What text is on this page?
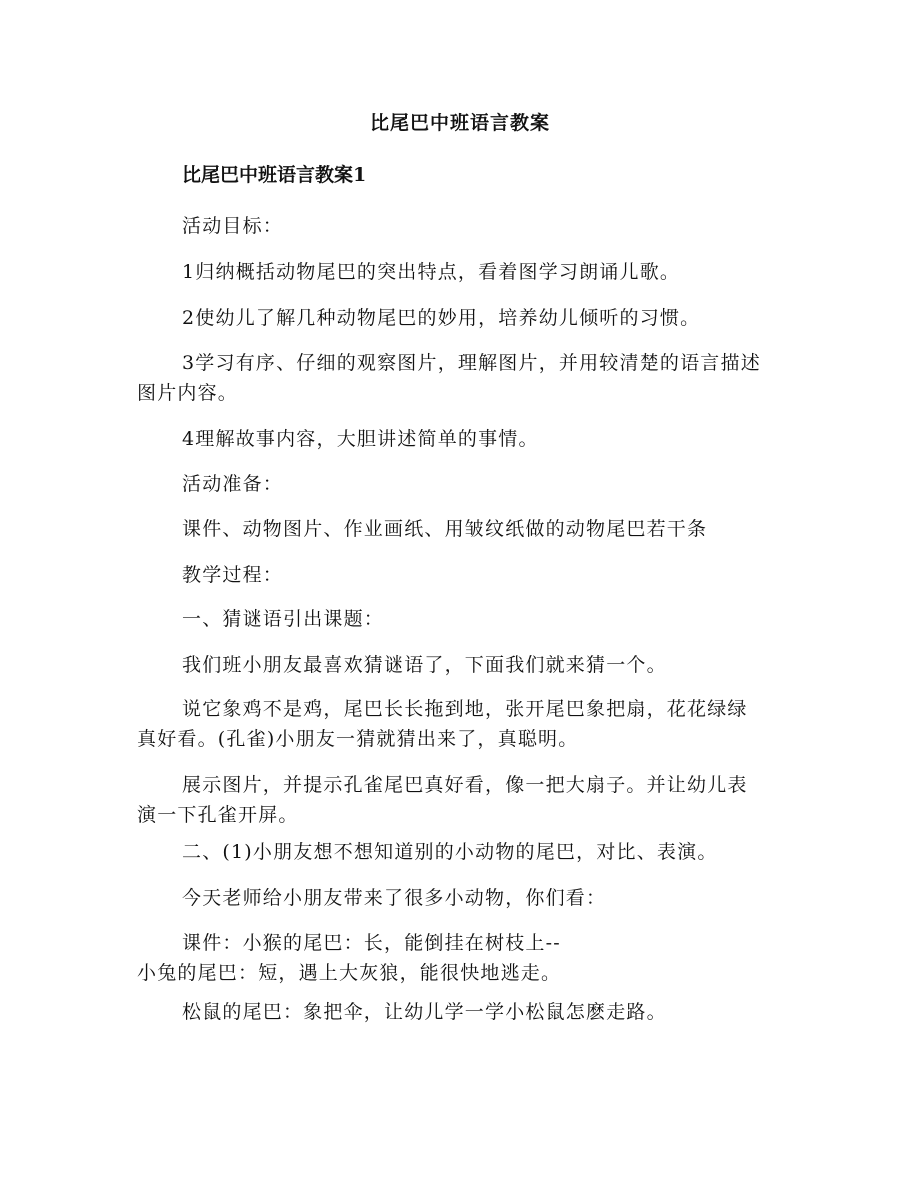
比尾巴中班语言教案
比尾巴中班语言教案1

活动目标：

1归纳概括动物尾巴的突出特点，看着图学习朗诵儿歌。

2使幼儿了解几种动物尾巴的妙用，培养幼儿倾听的习惯。

3学习有序、仔细的观察图片，理解图片，并用较清楚的语言描述
图片内容。

4理解故事内容，大胆讲述简单的事情。

活动准备：

课件、动物图片、作业画纸、用皱纹纸做的动物尾巴若干条

教学过程：

一、猜谜语引出课题：

我们班小朋友最喜欢猜谜语了，下面我们就来猜一个。

说它象鸡不是鸡，尾巴长长拖到地，张开尾巴象把扇，花花绿绿
真好看。(孔雀)小朋友一猜就猜出来了，真聪明。

展示图片，并提示孔雀尾巴真好看，像一把大扇子。并让幼儿表
演一下孔雀开屏。

二、(1)小朋友想不想知道别的小动物的尾巴，对比、表演。

今天老师给小朋友带来了很多小动物，你们看：

课件：小猴的尾巴：长，能倒挂在树枝上--
小兔的尾巴：短，遇上大灰狼，能很快地逃走。

松鼠的尾巴：象把伞，让幼儿学一学小松鼠怎麽走路。
